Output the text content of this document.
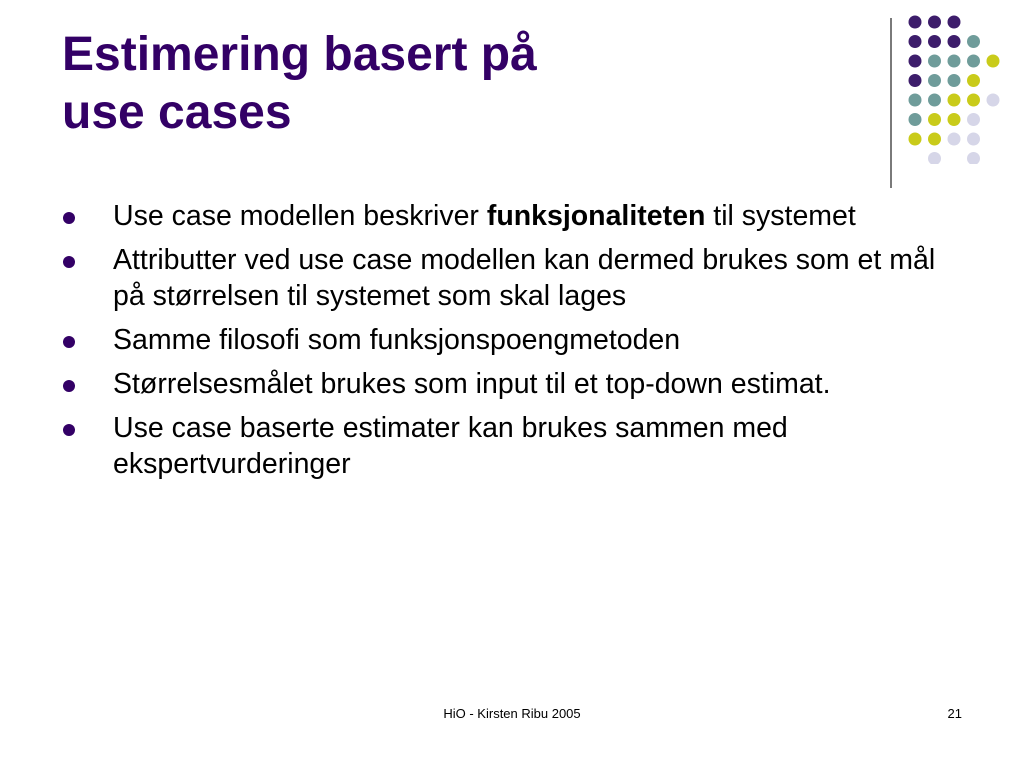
Estimering basert på
use cases
Use case modellen beskriver funksjonaliteten til systemet
Attributter ved use case modellen kan dermed brukes som et mål på størrelsen til systemet som skal lages
Samme filosofi som funksjonspoengmetoden
Størrelsesmålet brukes som input til et top-down estimat.
Use case baserte estimater kan brukes sammen med ekspertvurderinger
HiO - Kirsten Ribu 2005	21
